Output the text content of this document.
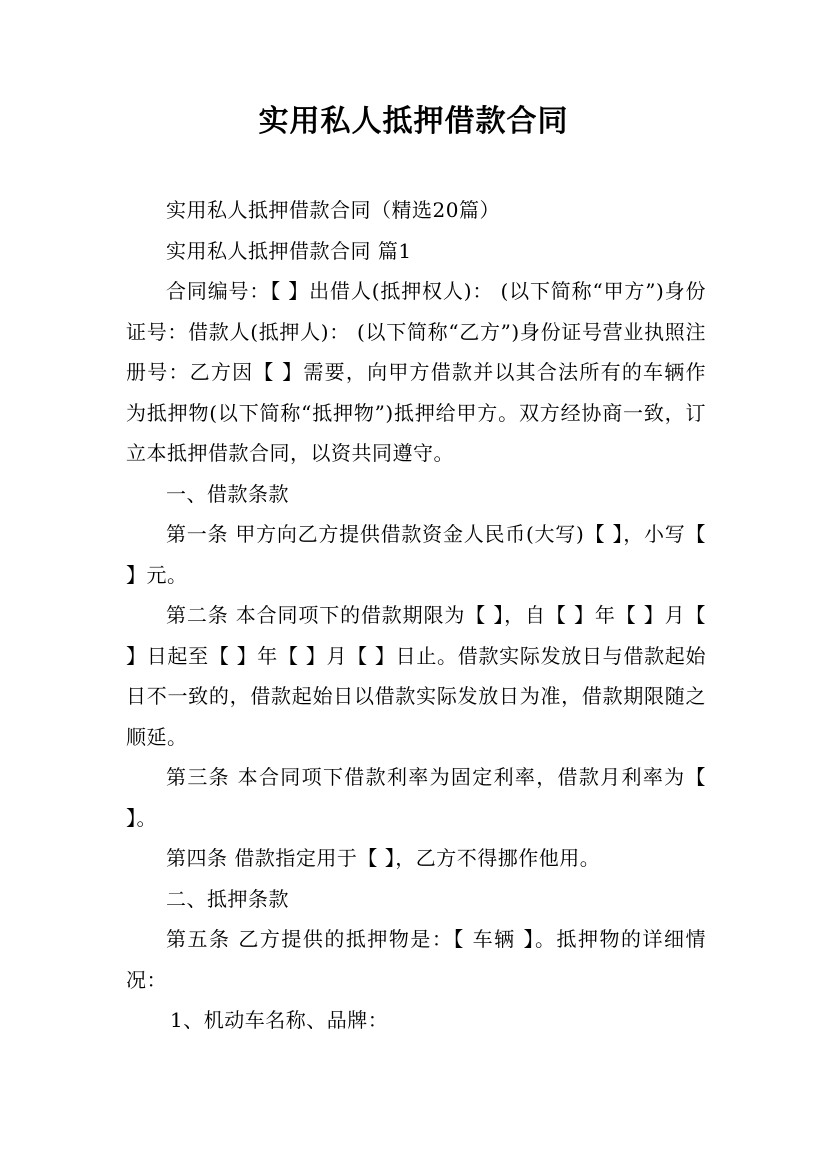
实用私人抵押借款合同

实用私人抵押借款合同（精选20篇）

实用私人抵押借款合同 篇1

合同编号：【 】出借人(抵押权人)： (以下简称“甲方”)身份证号：借款人(抵押人)： (以下简称“乙方”)身份证号营业执照注册号：乙方因【 】需要，向甲方借款并以其合法所有的车辆作为抵押物(以下简称“抵押物”)抵押给甲方。双方经协商一致，订立本抵押借款合同，以资共同遵守。

一、借款条款

第一条 甲方向乙方提供借款资金人民币(大写)【 】，小写【 】元。

第二条 本合同项下的借款期限为【 】，自【 】年【 】月【 】日起至【 】年【 】月【 】日止。借款实际发放日与借款起始日不一致的，借款起始日以借款实际发放日为准，借款期限随之顺延。

第三条 本合同项下借款利率为固定利率，借款月利率为【 】。

第四条 借款指定用于【 】，乙方不得挪作他用。

二、抵押条款

第五条 乙方提供的抵押物是：【 车辆 】。抵押物的详细情况：

1、机动车名称、品牌：
